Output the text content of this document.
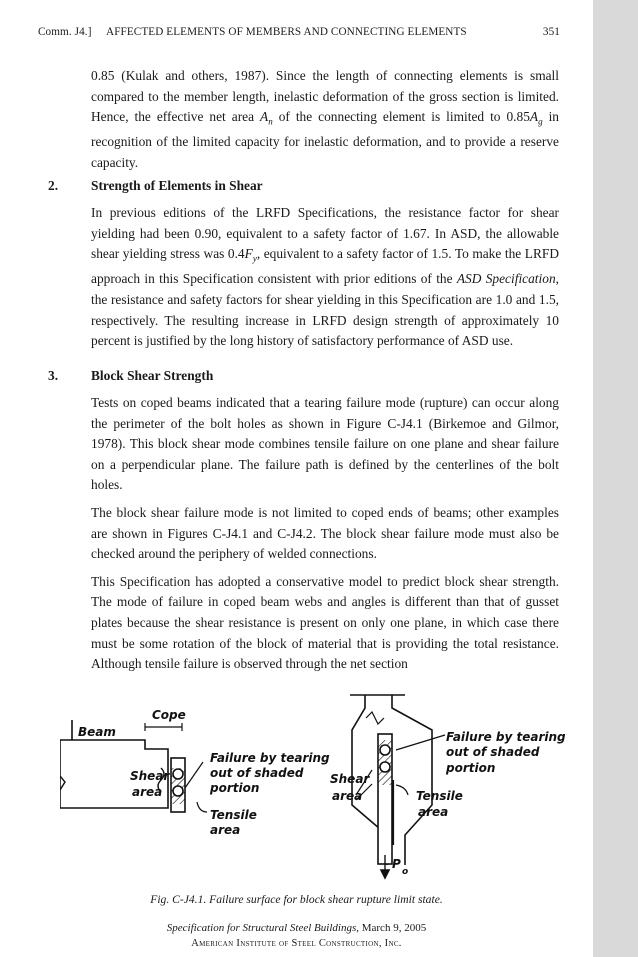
Comm. J4.] AFFECTED ELEMENTS OF MEMBERS AND CONNECTING ELEMENTS	351

0.85 (Kulak and others, 1987). Since the length of connecting elements is small compared to the member length, inelastic deformation of the gross section is limited. Hence, the effective net area $A_n$ of the connecting element is limited to $0.85A_g$ in recognition of the limited capacity for inelastic deformation, and to provide a reserve capacity.

2. Strength of Elements in Shear

In previous editions of the LRFD Specifications, the resistance factor for shear yielding had been 0.90, equivalent to a safety factor of 1.67. In ASD, the allowable shear yielding stress was $0.4F_y$, equivalent to a safety factor of 1.5. To make the LRFD approach in this Specification consistent with prior editions of the ASD Specification, the resistance and safety factors for shear yielding in this Specification are 1.0 and 1.5, respectively. The resulting increase in LRFD design strength of approximately 10 percent is justified by the long history of satisfactory performance of ASD use.

3. Block Shear Strength

Tests on coped beams indicated that a tearing failure mode (rupture) can occur along the perimeter of the bolt holes as shown in Figure C-J4.1 (Birkemoe and Gilmor, 1978). This block shear mode combines tensile failure on one plane and shear failure on a perpendicular plane. The failure path is defined by the centerlines of the bolt holes.

The block shear failure mode is not limited to coped ends of beams; other examples are shown in Figures C-J4.1 and C-J4.2. The block shear failure mode must also be checked around the periphery of welded connections.

This Specification has adopted a conservative model to predict block shear strength. The mode of failure in coped beam webs and angles is different than that of gusset plates because the shear resistance is present on only one plane, in which case there must be some rotation of the block of material that is providing the total resistance. Although tensile failure is observed through the net section

Beam
Cope
Shear
area
Failure by tearing
out of shaded
portion
Tensile
area
Shear
area
Failure by tearing
out of shaded
portion
Tensile
area
P
o
Fig. C-J4.1. Failure surface for block shear rupture limit state.
Specification for Structural Steel Buildings, March 9, 2005
American Institute of Steel Construction, Inc.
